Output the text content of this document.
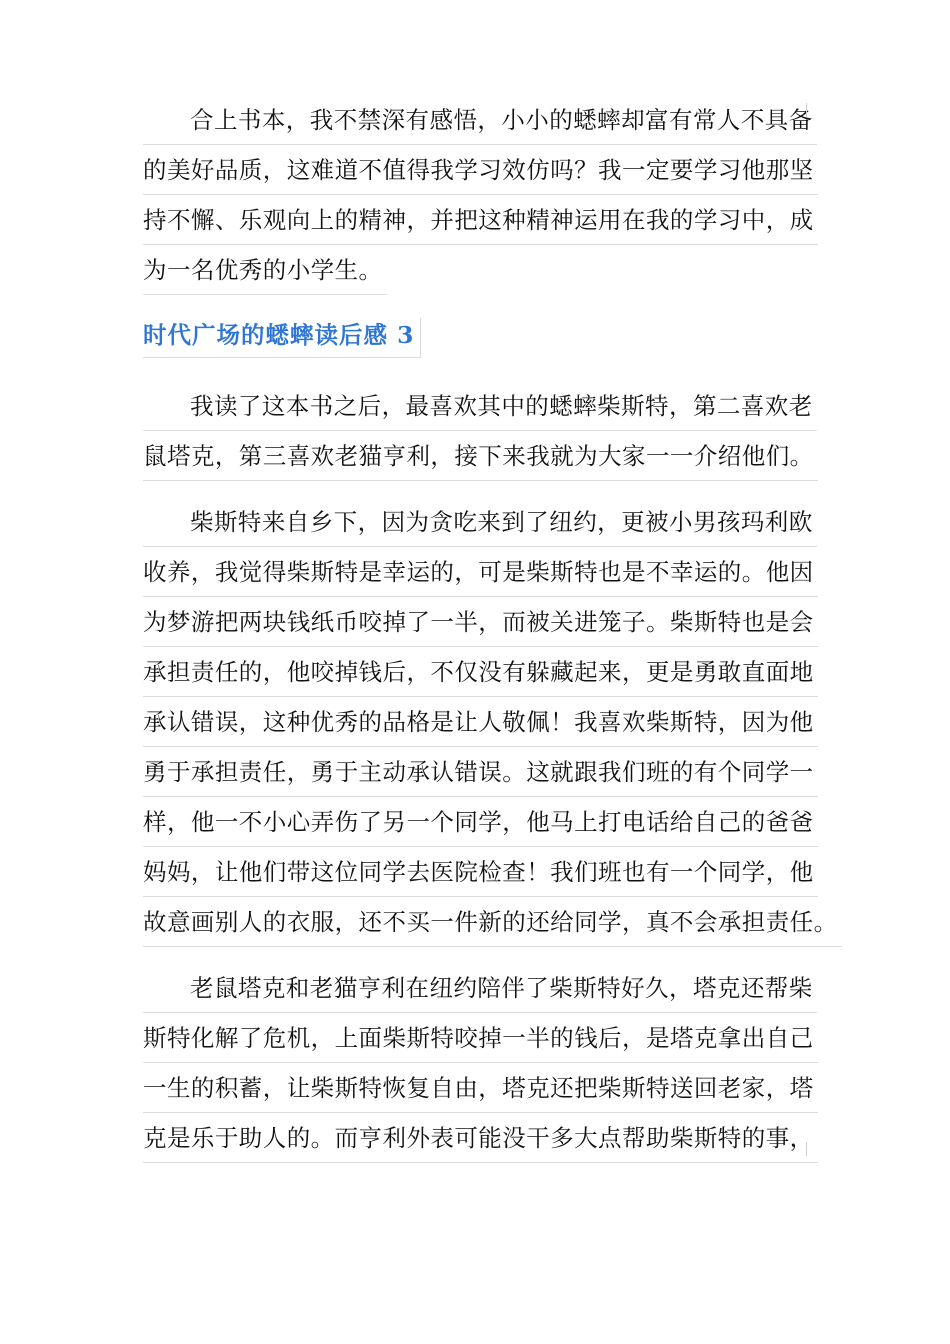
合上书本，我不禁深有感悟，小小的蟋蟀却富有常人不具备
的美好品质，这难道不值得我学习效仿吗？我一定要学习他那坚
持不懈、乐观向上的精神，并把这种精神运用在我的学习中，成
为一名优秀的小学生。
时代广场的蟋蟀读后感 3
我读了这本书之后，最喜欢其中的蟋蟀柴斯特，第二喜欢老
鼠塔克，第三喜欢老猫亨利，接下来我就为大家一一介绍他们。
柴斯特来自乡下，因为贪吃来到了纽约，更被小男孩玛利欧
收养，我觉得柴斯特是幸运的，可是柴斯特也是不幸运的。他因
为梦游把两块钱纸币咬掉了一半，而被关进笼子。柴斯特也是会
承担责任的，他咬掉钱后，不仅没有躲藏起来，更是勇敢直面地
承认错误，这种优秀的品格是让人敬佩！我喜欢柴斯特，因为他
勇于承担责任，勇于主动承认错误。这就跟我们班的有个同学一
样，他一不小心弄伤了另一个同学，他马上打电话给自己的爸爸
妈妈，让他们带这位同学去医院检查！我们班也有一个同学，他
故意画别人的衣服，还不买一件新的还给同学，真不会承担责任。
老鼠塔克和老猫亨利在纽约陪伴了柴斯特好久，塔克还帮柴
斯特化解了危机，上面柴斯特咬掉一半的钱后，是塔克拿出自己
一生的积蓄，让柴斯特恢复自由，塔克还把柴斯特送回老家，塔
克是乐于助人的。而亨利外表可能没干多大点帮助柴斯特的事，
